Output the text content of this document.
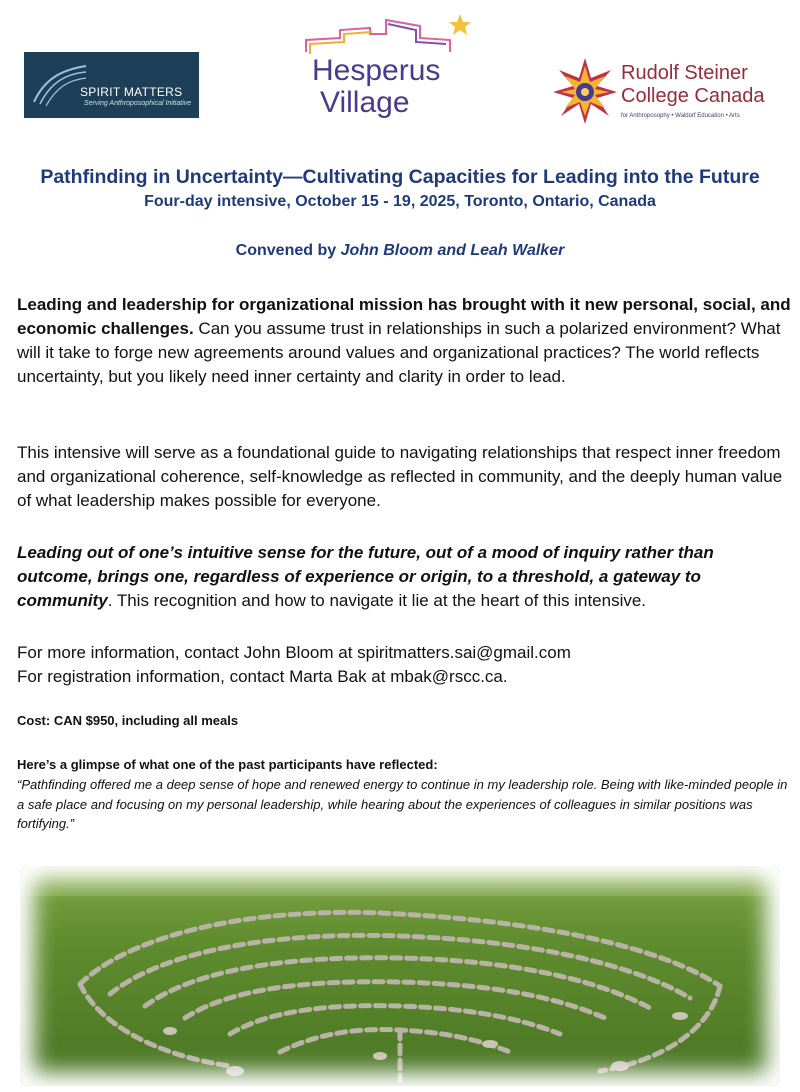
SPIRIT MATTERS
Serving Anthroposophical Initiative
Hesperus
Village
Rudolf Steiner
College Canada
for Anthroposophy • Waldorf Education • Arts
Pathfinding in Uncertainty—Cultivating Capacities for Leading into the Future
Four-day intensive, October 15 - 19, 2025, Toronto, Ontario, Canada
Convened by John Bloom and Leah Walker

Leading and leadership for organizational mission has brought with it new personal, social, and economic challenges. Can you assume trust in relationships in such a polarized environment? What will it take to forge new agreements around values and organizational practices? The world reflects uncertainty, but you likely need inner certainty and clarity in order to lead.

This intensive will serve as a foundational guide to navigating relationships that respect inner freedom and organizational coherence, self-knowledge as reflected in community, and the deeply human value of what leadership makes possible for everyone.

Leading out of one’s intuitive sense for the future, out of a mood of inquiry rather than outcome, brings one, regardless of experience or origin, to a threshold, a gateway to community. This recognition and how to navigate it lie at the heart of this intensive.

For more information, contact John Bloom at spiritmatters.sai@gmail.com
For registration information, contact Marta Bak at mbak@rscc.ca.
Cost: CAN $950, including all meals
Here’s a glimpse of what one of the past participants have reflected:

“Pathfinding offered me a deep sense of hope and renewed energy to continue in my leadership role. Being with like-minded people in a safe place and focusing on my personal leadership, while hearing about the experiences of colleagues in similar positions was fortifying.”
